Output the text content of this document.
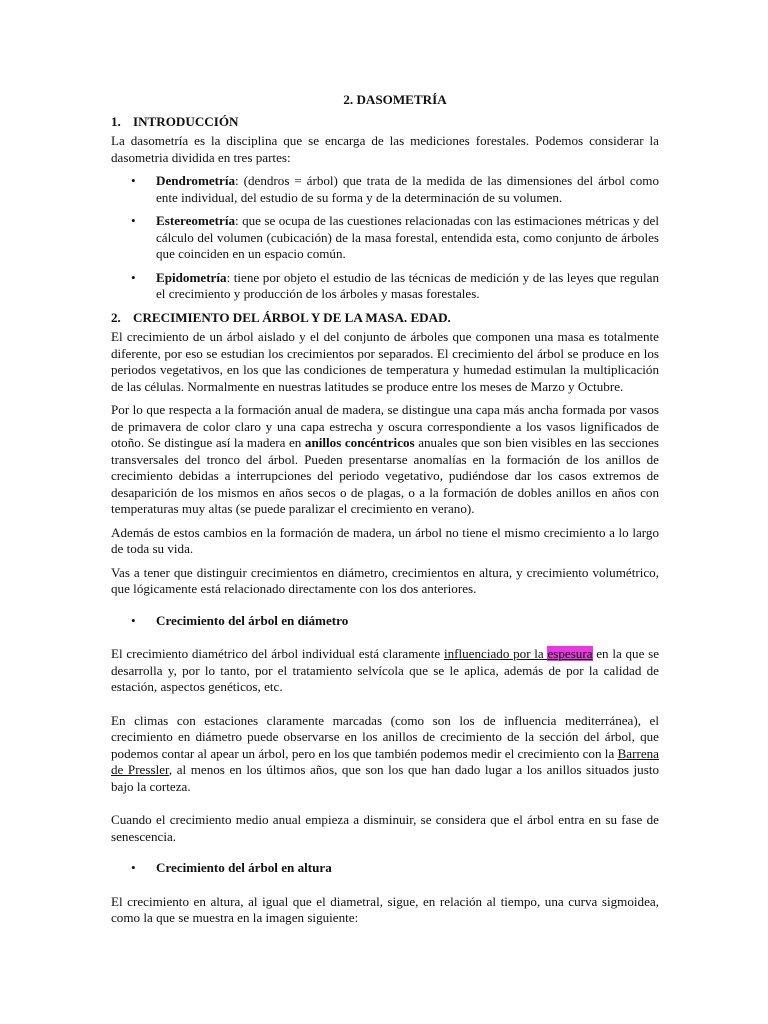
2. DASOMETRÍA
1. INTRODUCCIÓN

La dasometría es la disciplina que se encarga de las mediciones forestales. Podemos considerar la dasometria dividida en tres partes:

• Dendrometría: (dendros = árbol) que trata de la medida de las dimensiones del árbol como ente individual, del estudio de su forma y de la determinación de su volumen.
• Estereometría: que se ocupa de las cuestiones relacionadas con las estimaciones métricas y del cálculo del volumen (cubicación) de la masa forestal, entendida esta, como conjunto de árboles que coinciden en un espacio común.
• Epidometría: tiene por objeto el estudio de las técnicas de medición y de las leyes que regulan el crecimiento y producción de los árboles y masas forestales.
2. CRECIMIENTO DEL ÁRBOL Y DE LA MASA. EDAD.

El crecimiento de un árbol aislado y el del conjunto de árboles que componen una masa es totalmente diferente, por eso se estudian los crecimientos por separados. El crecimiento del árbol se produce en los periodos vegetativos, en los que las condiciones de temperatura y humedad estimulan la multiplicación de las células. Normalmente en nuestras latitudes se produce entre los meses de Marzo y Octubre.

Por lo que respecta a la formación anual de madera, se distingue una capa más ancha formada por vasos de primavera de color claro y una capa estrecha y oscura correspondiente a los vasos lignificados de otoño. Se distingue así la madera en anillos concéntricos anuales que son bien visibles en las secciones transversales del tronco del árbol. Pueden presentarse anomalías en la formación de los anillos de crecimiento debidas a interrupciones del periodo vegetativo, pudiéndose dar los casos extremos de desaparición de los mismos en años secos o de plagas, o a la formación de dobles anillos en años con temperaturas muy altas (se puede paralizar el crecimiento en verano).

Además de estos cambios en la formación de madera, un árbol no tiene el mismo crecimiento a lo largo de toda su vida.

Vas a tener que distinguir crecimientos en diámetro, crecimientos en altura, y crecimiento volumétrico, que lógicamente está relacionado directamente con los dos anteriores.

• Crecimiento del árbol en diámetro

El crecimiento diamétrico del árbol individual está claramente influenciado por la espesura en la que se desarrolla y, por lo tanto, por el tratamiento selvícola que se le aplica, además de por la calidad de estación, aspectos genéticos, etc.

En climas con estaciones claramente marcadas (como son los de influencia mediterránea), el crecimiento en diámetro puede observarse en los anillos de crecimiento de la sección del árbol, que podemos contar al apear un árbol, pero en los que también podemos medir el crecimiento con la Barrena de Pressler, al menos en los últimos años, que son los que han dado lugar a los anillos situados justo bajo la corteza.

Cuando el crecimiento medio anual empieza a disminuir, se considera que el árbol entra en su fase de senescencia.

• Crecimiento del árbol en altura

El crecimiento en altura, al igual que el diametral, sigue, en relación al tiempo, una curva sigmoidea, como la que se muestra en la imagen siguiente:
